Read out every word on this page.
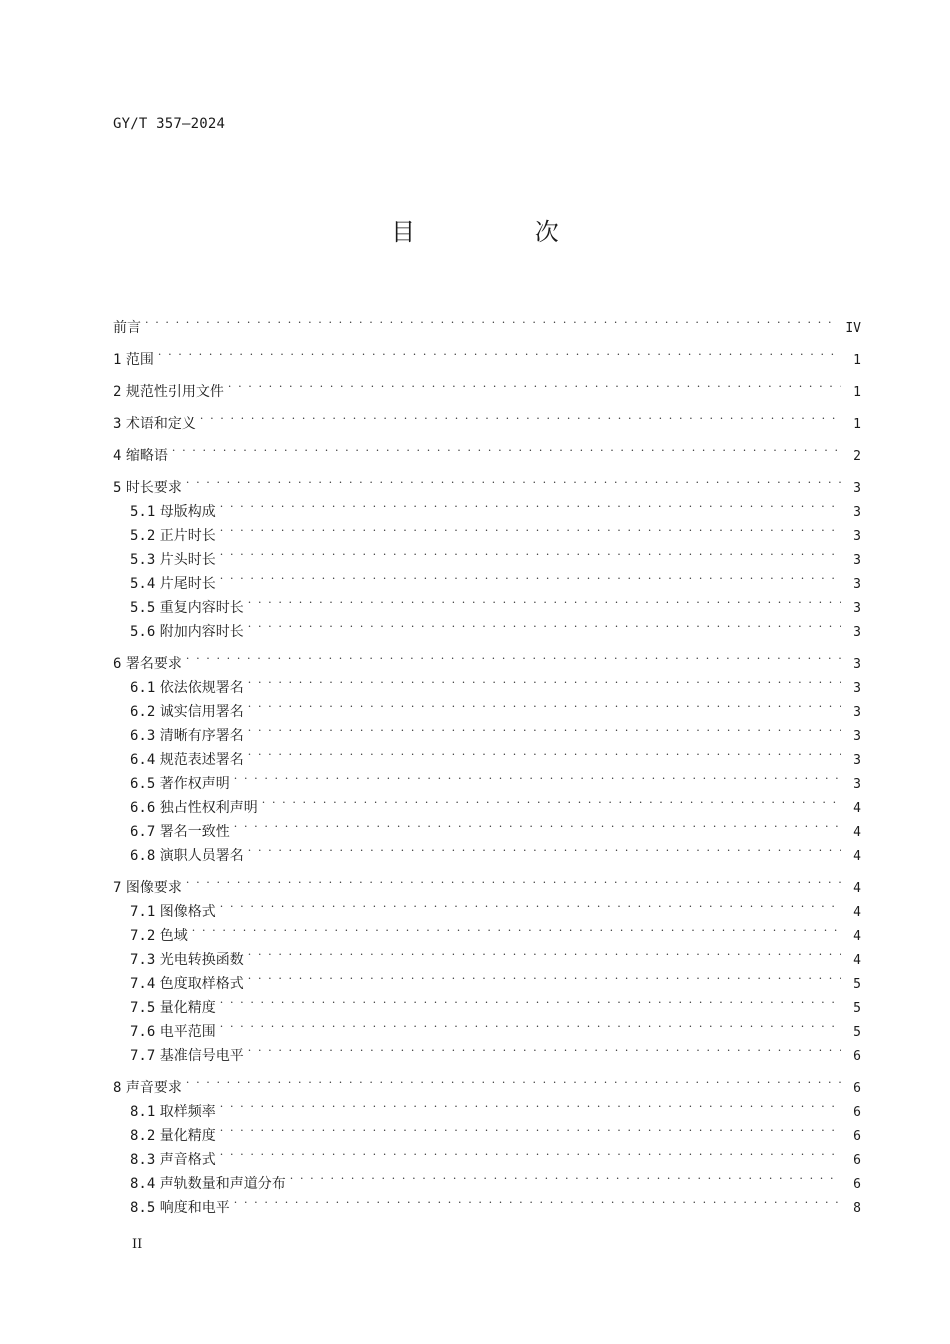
GY/T 357—2024
目 次
前言 . . .	IV
1 范围 . . .	1
2 规范性引用文件 . . .	1
3 术语和定义 . . .	1
4 缩略语 . . .	2
5 时长要求 . . .	3
5.1 母版构成 . . .	3
5.2 正片时长 . . .	3
5.3 片头时长 . . .	3
5.4 片尾时长 . . .	3
5.5 重复内容时长 . . .	3
5.6 附加内容时长 . . .	3
6 署名要求 . . .	3
6.1 依法依规署名 . . .	3
6.2 诚实信用署名 . . .	3
6.3 清晰有序署名 . . .	3
6.4 规范表述署名 . . .	3
6.5 著作权声明 . . .	3
6.6 独占性权利声明 . . .	4
6.7 署名一致性 . . .	4
6.8 演职人员署名 . . .	4
7 图像要求 . . .	4
7.1 图像格式 . . .	4
7.2 色域 . . .	4
7.3 光电转换函数 . . .	4
7.4 色度取样格式 . . .	5
7.5 量化精度 . . .	5
7.6 电平范围 . . .	5
7.7 基准信号电平 . . .	6
8 声音要求 . . .	6
8.1 取样频率 . . .	6
8.2 量化精度 . . .	6
8.3 声音格式 . . .	6
8.4 声轨数量和声道分布 . . .	6
8.5 响度和电平 . . .	8
II
